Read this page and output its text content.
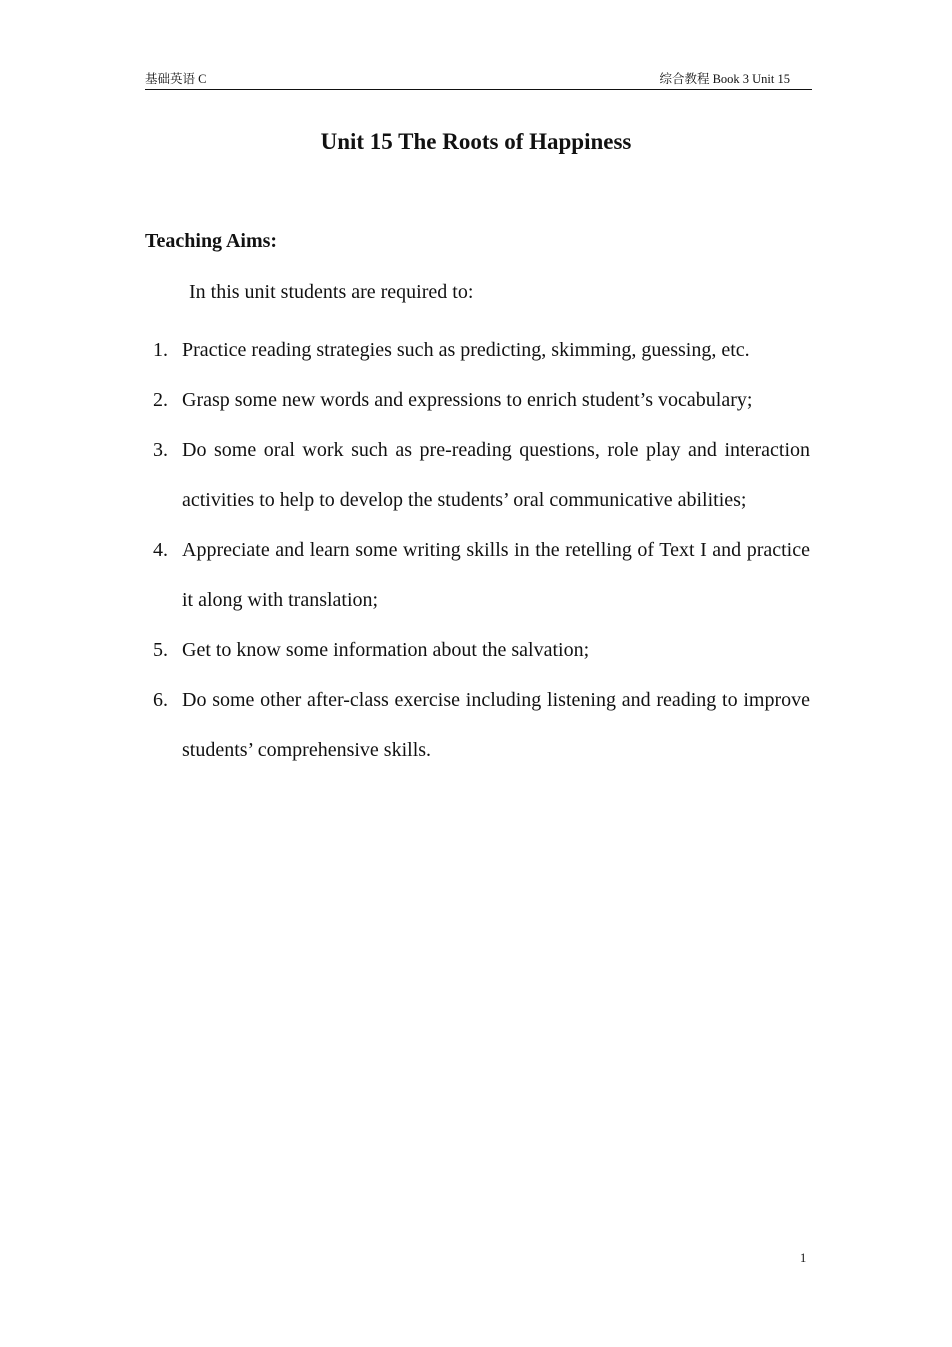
基础英语 C	综合教程 Book 3 Unit 15
Unit 15 The Roots of Happiness
Teaching Aims:
In this unit students are required to:
1. Practice reading strategies such as predicting, skimming, guessing, etc.
2. Grasp some new words and expressions to enrich student’s vocabulary;
3. Do some oral work such as pre-reading questions, role play and interaction activities to help to develop the students’ oral communicative abilities;
4. Appreciate and learn some writing skills in the retelling of Text I and practice it along with translation;
5. Get to know some information about the salvation;
6. Do some other after-class exercise including listening and reading to improve students’ comprehensive skills.
1
